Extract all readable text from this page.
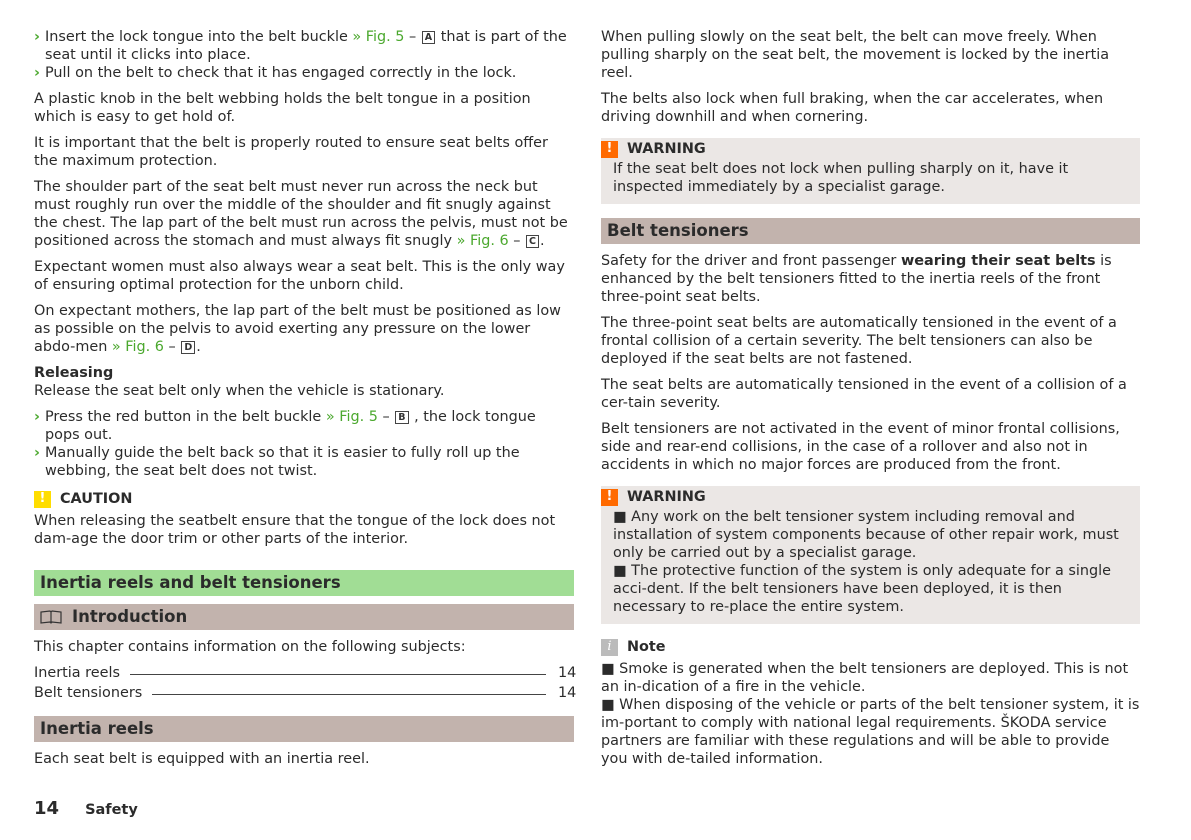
› Insert the lock tongue into the belt buckle » Fig. 5 – A that is part of the seat until it clicks into place.
› Pull on the belt to check that it has engaged correctly in the lock.

A plastic knob in the belt webbing holds the belt tongue in a position which is easy to get hold of.

It is important that the belt is properly routed to ensure seat belts offer the maximum protection.

The shoulder part of the seat belt must never run across the neck but must roughly run over the middle of the shoulder and fit snugly against the chest. The lap part of the belt must run across the pelvis, must not be positioned across the stomach and must always fit snugly » Fig. 6 – C .

Expectant women must also always wear a seat belt. This is the only way of ensuring optimal protection for the unborn child.

On expectant mothers, the lap part of the belt must be positioned as low as possible on the pelvis to avoid exerting any pressure on the lower abdo-men » Fig. 6 – D .

Releasing

Release the seat belt only when the vehicle is stationary.

› Press the red button in the belt buckle » Fig. 5 – B , the lock tongue pops out.
› Manually guide the belt back so that it is easier to fully roll up the webbing, the seat belt does not twist.
!	CAUTION

When releasing the seatbelt ensure that the tongue of the lock does not dam-age the door trim or other parts of the interior.

Inertia reels and belt tensioners
Introduction

This chapter contains information on the following subjects:

Inertia reels	14
Belt tensioners	14
Inertia reels

Each seat belt is equipped with an inertia reel.

When pulling slowly on the seat belt, the belt can move freely. When pulling sharply on the seat belt, the movement is locked by the inertia reel.

The belts also lock when full braking, when the car accelerates, when driving downhill and when cornering.

!	WARNING
If the seat belt does not lock when pulling sharply on it, have it inspected immediately by a specialist garage.
Belt tensioners

Safety for the driver and front passenger wearing their seat belts is enhanced by the belt tensioners fitted to the inertia reels of the front three-point seat belts.

The three-point seat belts are automatically tensioned in the event of a frontal collision of a certain severity. The belt tensioners can also be deployed if the seat belts are not fastened.

The seat belts are automatically tensioned in the event of a collision of a cer-tain severity.

Belt tensioners are not activated in the event of minor frontal collisions, side and rear-end collisions, in the case of a rollover and also not in accidents in which no major forces are produced from the front.

!	WARNING
■ Any work on the belt tensioner system including removal and installation of system components because of other repair work, must only be carried out by a specialist garage.
■ The protective function of the system is only adequate for a single acci-dent. If the belt tensioners have been deployed, it is then necessary to re-place the entire system.
i	Note
■ Smoke is generated when the belt tensioners are deployed. This is not an in-dication of a fire in the vehicle.
■ When disposing of the vehicle or parts of the belt tensioner system, it is im-portant to comply with national legal requirements. ŠKODA service partners are familiar with these regulations and will be able to provide you with de-tailed information.
14 Safety
